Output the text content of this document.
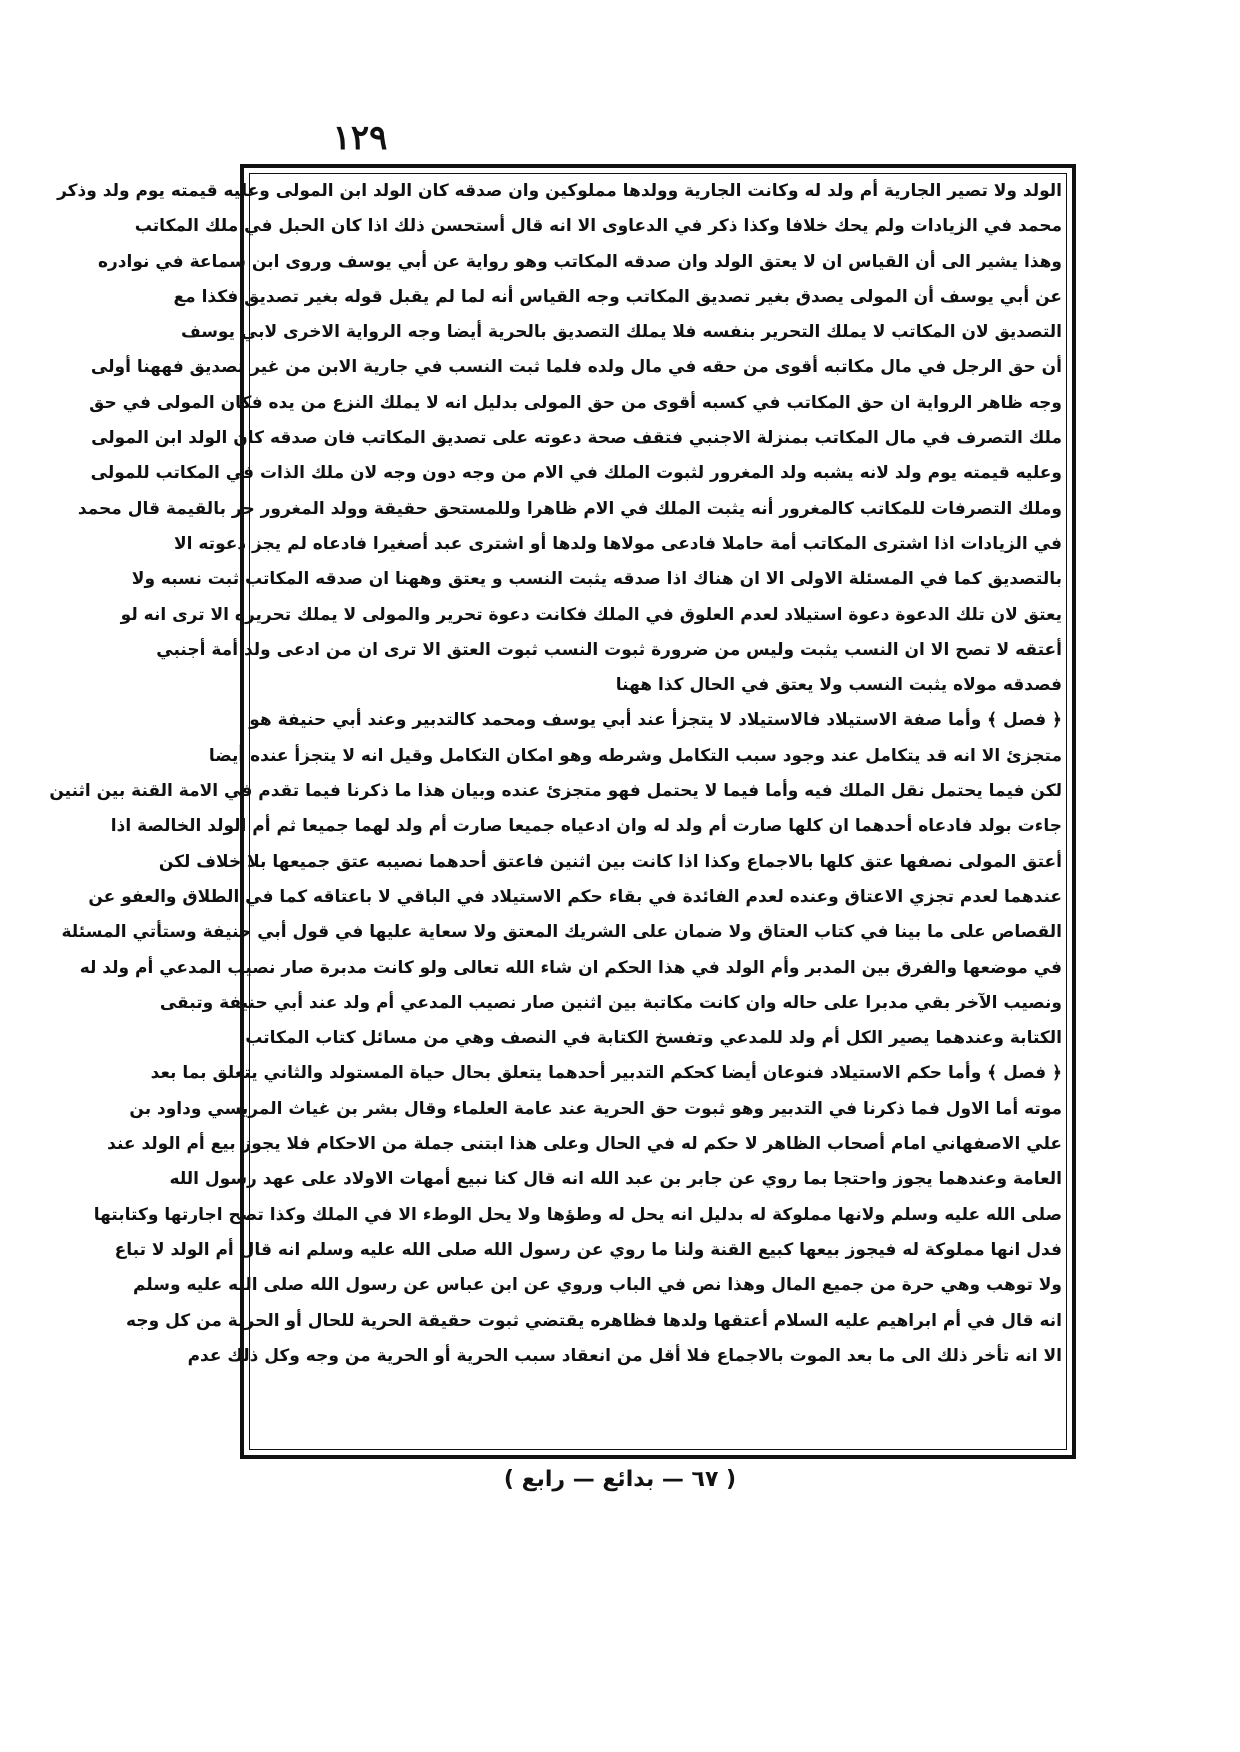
١٢٩
الولد ولا تصير الجارية أم ولد له وكانت الجارية وولدها مملوكين وان صدقه كان الولد ابن المولى وعليه قيمته يوم ولد وذكر
محمد في الزيادات ولم يحك خلافا وكذا ذكر في الدعاوى الا انه قال أستحسن ذلك اذا كان الحبل في ملك المكاتب
وهذا يشير الى أن القياس ان لا يعتق الولد وان صدقه المكاتب وهو رواية عن أبي يوسف وروى ابن سماعة في نوادره
عن أبي يوسف أن المولى يصدق بغير تصديق المكاتب وجه القياس أنه لما لم يقبل قوله بغير تصديق فكذا مع
التصديق لان المكاتب لا يملك التحرير بنفسه فلا يملك التصديق بالحرية أيضا وجه الرواية الاخرى لابي يوسف
أن حق الرجل في مال مكاتبه أقوى من حقه في مال ولده فلما ثبت النسب في جارية الابن من غير تصديق فههنا أولى
وجه ظاهر الرواية ان حق المكاتب في كسبه أقوى من حق المولى بدليل انه لا يملك النزع من يده فكان المولى في حق
ملك التصرف في مال المكاتب بمنزلة الاجنبي فتقف صحة دعوته على تصديق المكاتب فان صدقه كان الولد ابن المولى
وعليه قيمته يوم ولد لانه يشبه ولد المغرور لثبوت الملك في الام من وجه دون وجه لان ملك الذات في المكاتب للمولى
وملك التصرفات للمكاتب كالمغرور أنه يثبت الملك في الام ظاهرا وللمستحق حقيقة وولد المغرور حر بالقيمة قال محمد
في الزيادات اذا اشترى المكاتب أمة حاملا فادعى مولاها ولدها أو اشترى عبد أصغيرا فادعاه لم يجز دعوته الا
بالتصديق كما في المسئلة الاولى الا ان هناك اذا صدقه يثبت النسب و يعتق وههنا ان صدقه المكاتب ثبت نسبه ولا
يعتق لان تلك الدعوة دعوة استيلاد لعدم العلوق في الملك فكانت دعوة تحرير والمولى لا يملك تحريره الا ترى انه لو
أعتقه لا تصح الا ان النسب يثبت وليس من ضرورة ثبوت النسب ثبوت العتق الا ترى ان من ادعى ولد أمة أجنبي
فصدقه مولاه يثبت النسب ولا يعتق في الحال كذا ههنا
﴿ فصل ﴾ وأما صفة الاستيلاد فالاستيلاد لا يتجزأ عند أبي يوسف ومحمد كالتدبير وعند أبي حنيفة هو
متجزئ الا انه قد يتكامل عند وجود سبب التكامل وشرطه وهو امكان التكامل وقيل انه لا يتجزأ عنده أيضا
لكن فيما يحتمل نقل الملك فيه وأما فيما لا يحتمل فهو متجزئ عنده وبيان هذا ما ذكرنا فيما تقدم في الامة القنة بين اثنين
جاءت بولد فادعاه أحدهما ان كلها صارت أم ولد له وان ادعياه جميعا صارت أم ولد لهما جميعا ثم أم الولد الخالصة اذا
أعتق المولى نصفها عتق كلها بالاجماع وكذا اذا كانت بين اثنين فاعتق أحدهما نصيبه عتق جميعها بلا خلاف لكن
عندهما لعدم تجزي الاعتاق وعنده لعدم الفائدة في بقاء حكم الاستيلاد في الباقي لا باعتاقه كما في الطلاق والعفو عن
القصاص على ما بينا في كتاب العتاق ولا ضمان على الشريك المعتق ولا سعاية عليها في قول أبي حنيفة وستأتي المسئلة
في موضعها والفرق بين المدبر وأم الولد في هذا الحكم ان شاء الله تعالى ولو كانت مدبرة صار نصيب المدعي أم ولد له
ونصيب الآخر بقي مدبرا على حاله وان كانت مكاتبة بين اثنين صار نصيب المدعي أم ولد عند أبي حنيفة وتبقى
الكتابة وعندهما يصير الكل أم ولد للمدعي وتفسخ الكتابة في النصف وهي من مسائل كتاب المكاتب
﴿ فصل ﴾ وأما حكم الاستيلاد فنوعان أيضا كحكم التدبير أحدهما يتعلق بحال حياة المستولد والثاني يتعلق بما بعد
موته أما الاول فما ذكرنا في التدبير وهو ثبوت حق الحرية عند عامة العلماء وقال بشر بن غياث المريسي وداود بن
علي الاصفهاني امام أصحاب الظاهر لا حكم له في الحال وعلى هذا ابتنى جملة من الاحكام فلا يجوز بيع أم الولد عند
العامة وعندهما يجوز واحتجا بما روي عن جابر بن عبد الله انه قال كنا نبيع أمهات الاولاد على عهد رسول الله
صلى الله عليه وسلم ولانها مملوكة له بدليل انه يحل له وطؤها ولا يحل الوطء الا في الملك وكذا تصح اجارتها وكتابتها
فدل انها مملوكة له فيجوز بيعها كبيع القنة ولنا ما روي عن رسول الله صلى الله عليه وسلم انه قال أم الولد لا تباع
ولا توهب وهي حرة من جميع المال وهذا نص في الباب وروي عن ابن عباس عن رسول الله صلى الله عليه وسلم
انه قال في أم ابراهيم عليه السلام أعتقها ولدها فظاهره يقتضي ثبوت حقيقة الحرية للحال أو الحرية من كل وجه
الا انه تأخر ذلك الى ما بعد الموت بالاجماع فلا أقل من انعقاد سبب الحرية أو الحرية من وجه وكل ذلك عدم
( ٦٧ — بدائع — رابع )
